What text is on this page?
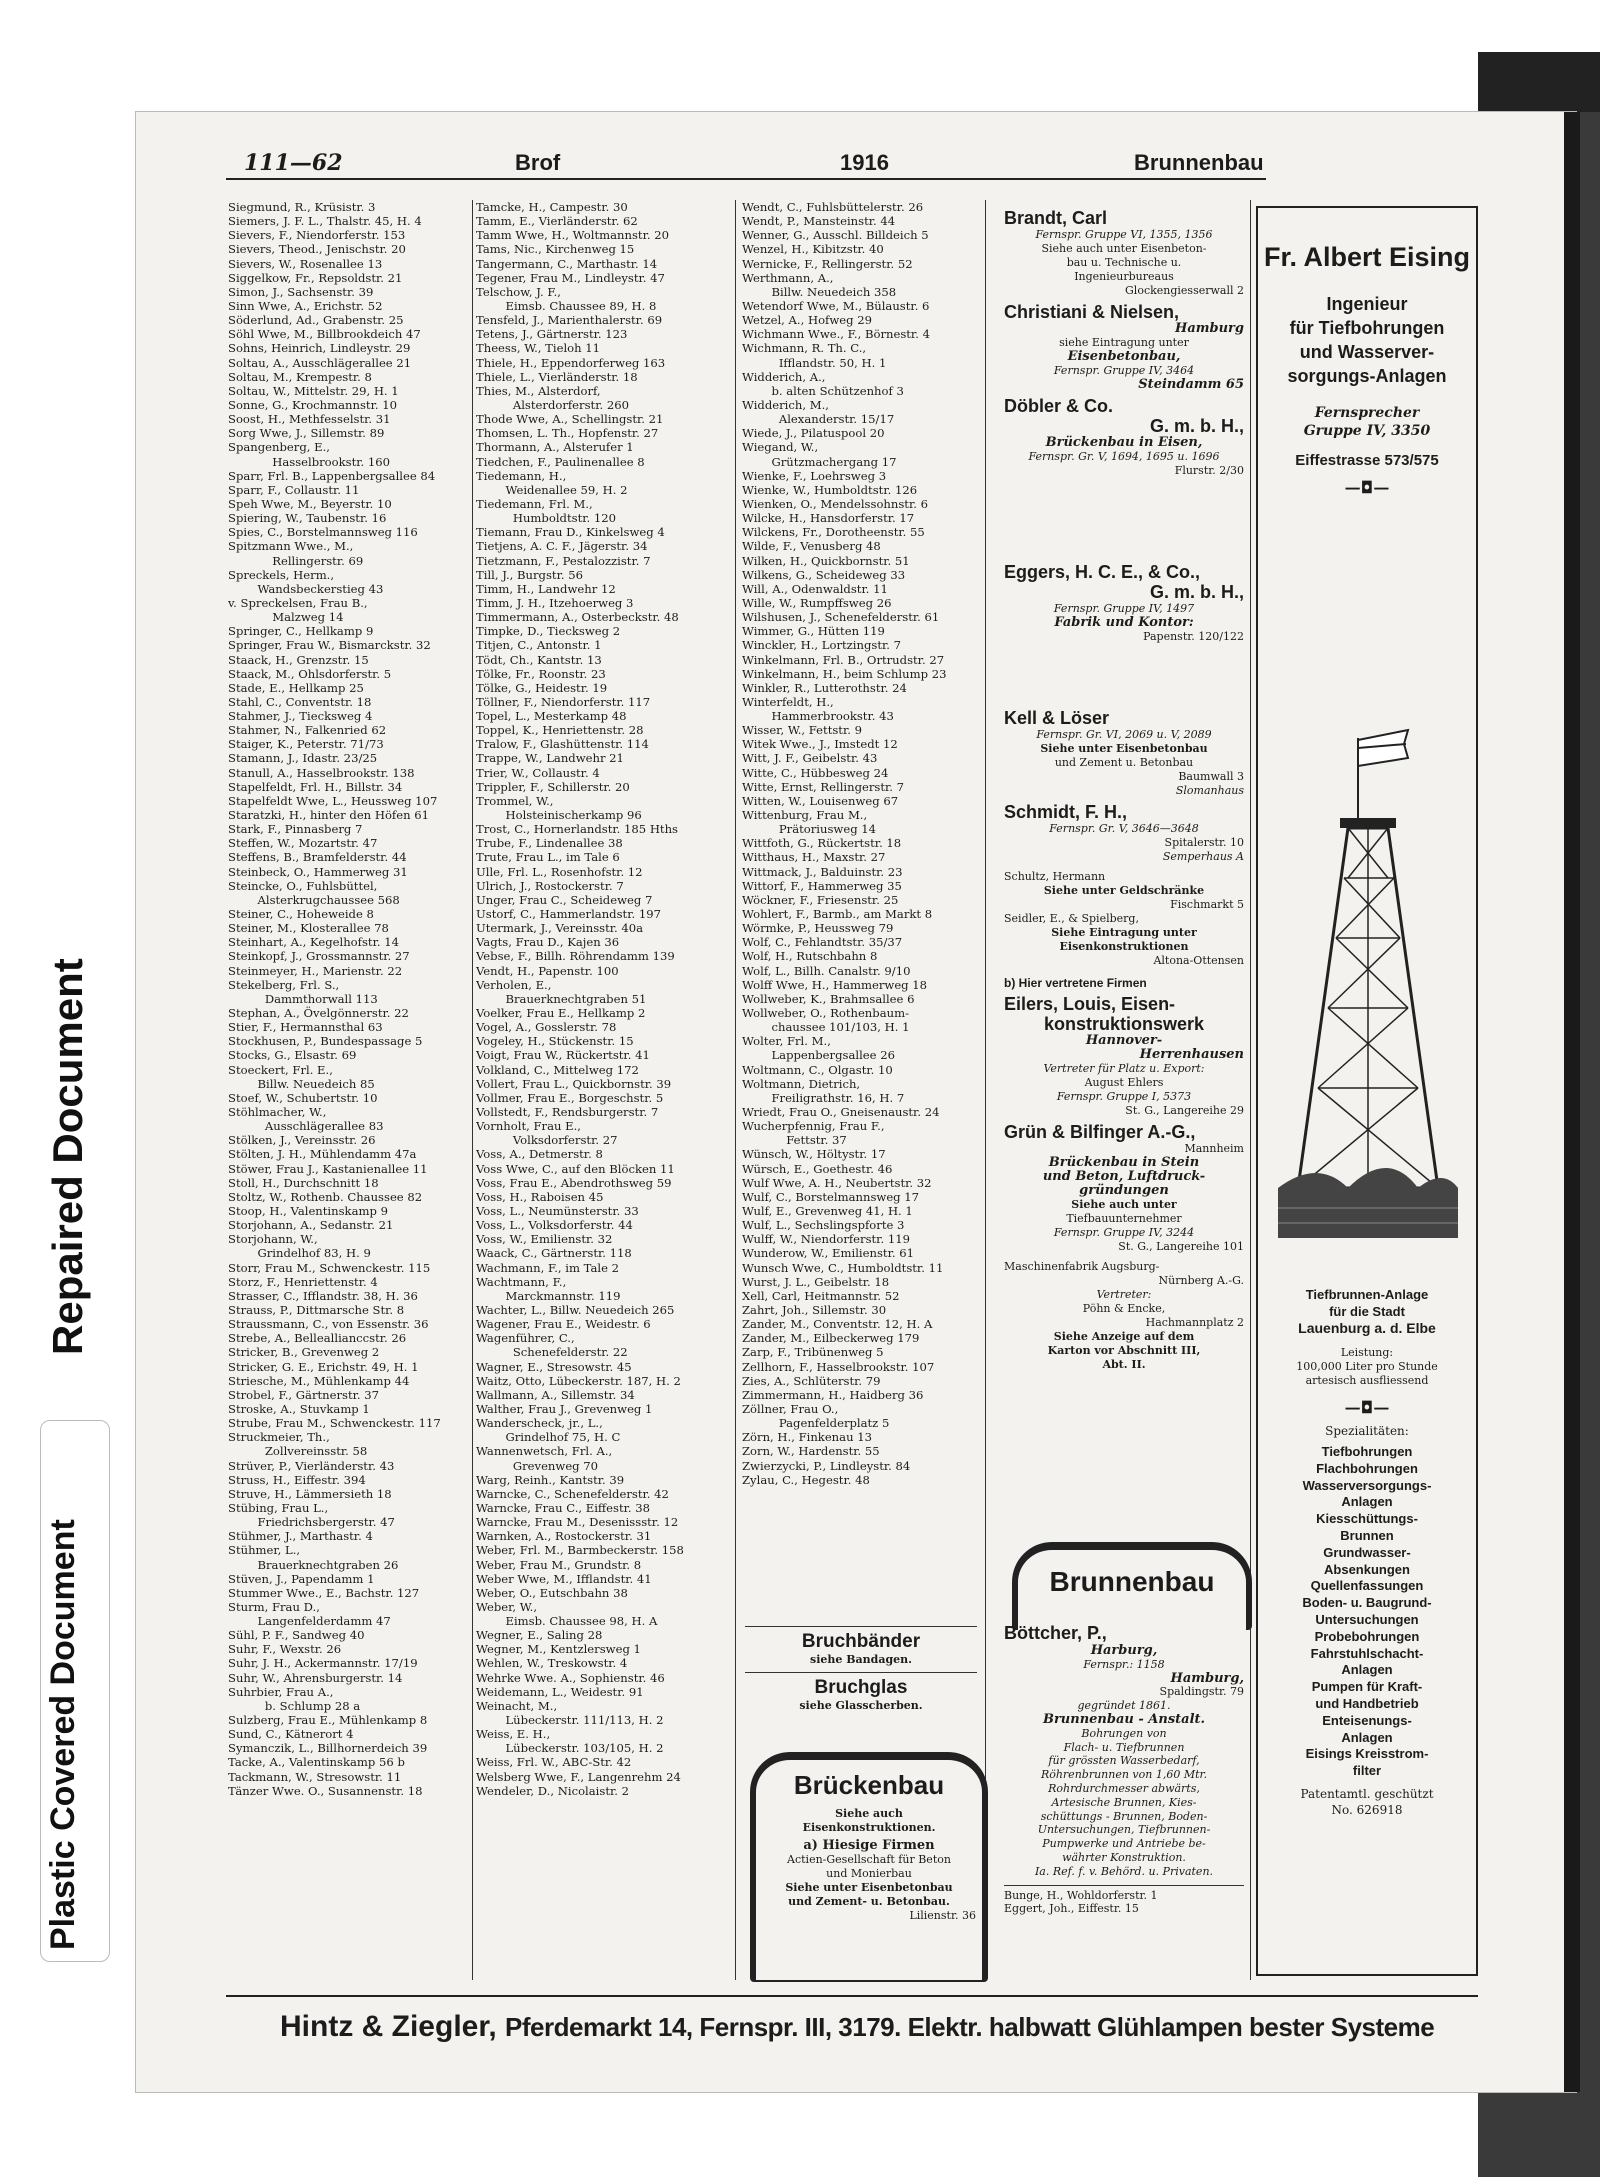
Repaired Document
Plastic Covered Document
111—62	Brof	1916	Brunnenbau
Siegmund, R., Krüsistr. 3
Siemers, J. F. L., Thalstr. 45, H. 4
Sievers, F., Niendorferstr. 153
Sievers, Theod., Jenischstr. 20
Sievers, W., Rosenallee 13
Siggelkow, Fr., Repsoldstr. 21
Simon, J., Sachsenstr. 39
Sinn Wwe, A., Erichstr. 52
Söderlund, Ad., Grabenstr. 25
Söhl Wwe, M., Billbrookdeich 47
Sohns, Heinrich, Lindleystr. 29
Soltau, A., Ausschlägerallee 21
Soltau, M., Krempestr. 8
Soltau, W., Mittelstr. 29, H. 1
Sonne, G., Krochmannstr. 10
Soost, H., Methfesselstr. 31
Sorg Wwe, J., Sillemstr. 89
Spangenberg, E.,
Hasselbrookstr. 160
Sparr, Frl. B., Lappenbergsallee 84
Sparr, F., Collaustr. 11
Speh Wwe, M., Beyerstr. 10
Spiering, W., Taubenstr. 16
Spies, C., Borstelmannsweg 116
Spitzmann Wwe., M.,
Rellingerstr. 69
Spreckels, Herm.,
Wandsbeckerstieg 43
v. Spreckelsen, Frau B.,
Malzweg 14
Springer, C., Hellkamp 9
Springer, Frau W., Bismarckstr. 32
Staack, H., Grenzstr. 15
Staack, M., Ohlsdorferstr. 5
Stade, E., Hellkamp 25
Stahl, C., Conventstr. 18
Stahmer, J., Tiecksweg 4
Stahmer, N., Falkenried 62
Staiger, K., Peterstr. 71/73
Stamann, J., Idastr. 23/25
Stanull, A., Hasselbrookstr. 138
Stapelfeldt, Frl. H., Billstr. 34
Stapelfeldt Wwe, L., Heussweg 107
Staratzki, H., hinter den Höfen 61
Stark, F., Pinnasberg 7
Steffen, W., Mozartstr. 47
Steffens, B., Bramfelderstr. 44
Steinbeck, O., Hammerweg 31
Steincke, O., Fuhlsbüttel,
Alsterkrugchaussee 568
Steiner, C., Hoheweide 8
Steiner, M., Klosterallee 78
Steinhart, A., Kegelhofstr. 14
Steinkopf, J., Grossmannstr. 27
Steinmeyer, H., Marienstr. 22
Stekelberg, Frl. S.,
Dammthorwall 113
Stephan, A., Övelgönnerstr. 22
Stier, F., Hermannsthal 63
Stockhusen, P., Bundespassage 5
Stocks, G., Elsastr. 69
Stoeckert, Frl. E.,
Billw. Neuedeich 85
Stoef, W., Schubertstr. 10
Stöhlmacher, W.,
Ausschlägerallee 83
Stölken, J., Vereinsstr. 26
Stölten, J. H., Mühlendamm 47a
Stöwer, Frau J., Kastanienallee 11
Stoll, H., Durchschnitt 18
Stoltz, W., Rothenb. Chaussee 82
Stoop, H., Valentinskamp 9
Storjohann, A., Sedanstr. 21
Storjohann, W.,
Grindelhof 83, H. 9
Storr, Frau M., Schwenckestr. 115
Storz, F., Henriettenstr. 4
Strasser, C., Ifflandstr. 38, H. 36
Strauss, P., Dittmarsche Str. 8
Straussmann, C., von Essenstr. 36
Strebe, A., Belleallianccstr. 26
Stricker, B., Grevenweg 2
Stricker, G. E., Erichstr. 49, H. 1
Striesche, M., Mühlenkamp 44
Strobel, F., Gärtnerstr. 37
Stroske, A., Stuvkamp 1
Strube, Frau M., Schwenckestr. 117
Struckmeier, Th.,
Zollvereinsstr. 58
Strüver, P., Vierländerstr. 43
Struss, H., Eiffestr. 394
Struve, H., Lämmersieth 18
Stübing, Frau L.,
Friedrichsbergerstr. 47
Stühmer, J., Marthastr. 4
Stühmer, L.,
Brauerknechtgraben 26
Stüven, J., Papendamm 1
Stummer Wwe., E., Bachstr. 127
Sturm, Frau D.,
Langenfelderdamm 47
Sühl, P. F., Sandweg 40
Suhr, F., Wexstr. 26
Suhr, J. H., Ackermannstr. 17/19
Suhr, W., Ahrensburgerstr. 14
Suhrbier, Frau A.,
b. Schlump 28 a
Sulzberg, Frau E., Mühlenkamp 8
Sund, C., Kätnerort 4
Symanczik, L., Billhornerdeich 39
Tacke, A., Valentinskamp 56 b
Tackmann, W., Stresowstr. 11
Tänzer Wwe. O., Susannenstr. 18
Tamcke, H., Campestr. 30
Tamm, E., Vierländerstr. 62
Tamm Wwe, H., Woltmannstr. 20
Tams, Nic., Kirchenweg 15
Tangermann, C., Marthastr. 14
Tegener, Frau M., Lindleystr. 47
Telschow, J. F.,
Eimsb. Chaussee 89, H. 8
Tensfeld, J., Marienthalerstr. 69
Tetens, J., Gärtnerstr. 123
Theess, W., Tieloh 11
Thiele, H., Eppendorferweg 163
Thiele, L., Vierländerstr. 18
Thies, M., Alsterdorf,
Alsterdorferstr. 260
Thode Wwe, A., Schellingstr. 21
Thomsen, L. Th., Hopfenstr. 27
Thormann, A., Alsterufer 1
Tiedchen, F., Paulinenallee 8
Tiedemann, H.,
Weidenallee 59, H. 2
Tiedemann, Frl. M.,
Humboldtstr. 120
Tiemann, Frau D., Kinkelsweg 4
Tietjens, A. C. F., Jägerstr. 34
Tietzmann, F., Pestalozzistr. 7
Till, J., Burgstr. 56
Timm, H., Landwehr 12
Timm, J. H., Itzehoerweg 3
Timmermann, A., Osterbeckstr. 48
Timpke, D., Tiecksweg 2
Titjen, C., Antonstr. 1
Tödt, Ch., Kantstr. 13
Tölke, Fr., Roonstr. 23
Tölke, G., Heidestr. 19
Töllner, F., Niendorferstr. 117
Topel, L., Mesterkamp 48
Toppel, K., Henriettenstr. 28
Tralow, F., Glashüttenstr. 114
Trappe, W., Landwehr 21
Trier, W., Collaustr. 4
Trippler, F., Schillerstr. 20
Trommel, W.,
Holsteinischerkamp 96
Trost, C., Hornerlandstr. 185 Hths
Trube, F., Lindenallee 38
Trute, Frau L., im Tale 6
Ulle, Frl. L., Rosenhofstr. 12
Ulrich, J., Rostockerstr. 7
Unger, Frau C., Scheideweg 7
Ustorf, C., Hammerlandstr. 197
Utermark, J., Vereinsstr. 40a
Vagts, Frau D., Kajen 36
Vebse, F., Billh. Röhrendamm 139
Vendt, H., Papenstr. 100
Verholen, E.,
Brauerknechtgraben 51
Voelker, Frau E., Hellkamp 2
Vogel, A., Gosslerstr. 78
Vogeley, H., Stückenstr. 15
Voigt, Frau W., Rückertstr. 41
Volkland, C., Mittelweg 172
Vollert, Frau L., Quickbornstr. 39
Vollmer, Frau E., Borgeschstr. 5
Vollstedt, F., Rendsburgerstr. 7
Vornholt, Frau E.,
Volksdorferstr. 27
Voss, A., Detmerstr. 8
Voss Wwe, C., auf den Blöcken 11
Voss, Frau E., Abendrothsweg 59
Voss, H., Raboisen 45
Voss, L., Neumünsterstr. 33
Voss, L., Volksdorferstr. 44
Voss, W., Emilienstr. 32
Waack, C., Gärtnerstr. 118
Wachmann, F., im Tale 2
Wachtmann, F.,
Marckmannstr. 119
Wachter, L., Billw. Neuedeich 265
Wagener, Frau E., Weidestr. 6
Wagenführer, C.,
Schenefelderstr. 22
Wagner, E., Stresowstr. 45
Waitz, Otto, Lübeckerstr. 187, H. 2
Wallmann, A., Sillemstr. 34
Walther, Frau J., Grevenweg 1
Wanderscheck, jr., L.,
Grindelhof 75, H. C
Wannenwetsch, Frl. A.,
Grevenweg 70
Warg, Reinh., Kantstr. 39
Warncke, C., Schenefelderstr. 42
Warncke, Frau C., Eiffestr. 38
Warncke, Frau M., Desenissstr. 12
Warnken, A., Rostockerstr. 31
Weber, Frl. M., Barmbeckerstr. 158
Weber, Frau M., Grundstr. 8
Weber Wwe, M., Ifflandstr. 41
Weber, O., Eutschbahn 38
Weber, W.,
Eimsb. Chaussee 98, H. A
Wegner, E., Saling 28
Wegner, M., Kentzlersweg 1
Wehlen, W., Treskowstr. 4
Wehrke Wwe. A., Sophienstr. 46
Weidemann, L., Weidestr. 91
Weinacht, M.,
Lübeckerstr. 111/113, H. 2
Weiss, E. H.,
Lübeckerstr. 103/105, H. 2
Weiss, Frl. W., ABC-Str. 42
Welsberg Wwe, F., Langenrehm 24
Wendeler, D., Nicolaistr. 2
Wendt, C., Fuhlsbüttelerstr. 26
Wendt, P., Mansteinstr. 44
Wenner, G., Ausschl. Billdeich 5
Wenzel, H., Kibitzstr. 40
Wernicke, F., Rellingerstr. 52
Werthmann, A.,
Billw. Neuedeich 358
Wetendorf Wwe, M., Bülaustr. 6
Wetzel, A., Hofweg 29
Wichmann Wwe., F., Börnestr. 4
Wichmann, R. Th. C.,
Ifflandstr. 50, H. 1
Widderich, A.,
b. alten Schützenhof 3
Widderich, M.,
Alexanderstr. 15/17
Wiede, J., Pilatuspool 20
Wiegand, W.,
Grützmachergang 17
Wienke, F., Loehrsweg 3
Wienke, W., Humboldtstr. 126
Wienken, O., Mendelssohnstr. 6
Wilcke, H., Hansdorferstr. 17
Wilckens, Fr., Dorotheenstr. 55
Wilde, F., Venusberg 48
Wilken, H., Quickbornstr. 51
Wilkens, G., Scheideweg 33
Will, A., Odenwaldstr. 11
Wille, W., Rumpffsweg 26
Wilshusen, J., Schenefelderstr. 61
Wimmer, G., Hütten 119
Winckler, H., Lortzingstr. 7
Winkelmann, Frl. B., Ortrudstr. 27
Winkelmann, H., beim Schlump 23
Winkler, R., Lutterothstr. 24
Winterfeldt, H.,
Hammerbrookstr. 43
Wisser, W., Fettstr. 9
Witek Wwe., J., Imstedt 12
Witt, J. F., Geibelstr. 43
Witte, C., Hübbesweg 24
Witte, Ernst, Rellingerstr. 7
Witten, W., Louisenweg 67
Wittenburg, Frau M.,
Prätoriusweg 14
Wittfoth, G., Rückertstr. 18
Witthaus, H., Maxstr. 27
Wittmack, J., Balduinstr. 23
Wittorf, F., Hammerweg 35
Wöckner, F., Friesenstr. 25
Wohlert, F., Barmb., am Markt 8
Wörmke, P., Heussweg 79
Wolf, C., Fehlandtstr. 35/37
Wolf, H., Rutschbahn 8
Wolf, L., Billh. Canalstr. 9/10
Wolff Wwe, H., Hammerweg 18
Wollweber, K., Brahmsallee 6
Wollweber, O., Rothenbaum-
chaussee 101/103, H. 1
Wolter, Frl. M.,
Lappenbergsallee 26
Woltmann, C., Olgastr. 10
Woltmann, Dietrich,
Freiligrathstr. 16, H. 7
Wriedt, Frau O., Gneisenaustr. 24
Wucherpfennig, Frau F.,
Fettstr. 37
Wünsch, W., Höltystr. 17
Würsch, E., Goethestr. 46
Wulf Wwe, A. H., Neubertstr. 32
Wulf, C., Borstelmannsweg 17
Wulf, E., Grevenweg 41, H. 1
Wulf, L., Sechslingspforte 3
Wulff, W., Niendorferstr. 119
Wunderow, W., Emilienstr. 61
Wunsch Wwe, C., Humboldtstr. 11
Wurst, J. L., Geibelstr. 18
Xell, Carl, Heitmannstr. 52
Zahrt, Joh., Sillemstr. 30
Zander, M., Conventstr. 12, H. A
Zander, M., Eilbeckerweg 179
Zarp, F., Tribünenweg 5
Zellhorn, F., Hasselbrookstr. 107
Zies, A., Schlüterstr. 79
Zimmermann, H., Haidberg 36
Zöllner, Frau O.,
Pagenfelderplatz 5
Zörn, H., Finkenau 13
Zorn, W., Hardenstr. 55
Zwierzycki, P., Lindleystr. 84
Zylau, C., Hegestr. 48
Bruchbänder
siehe Bandagen.
Bruchglas
siehe Glasscherben.
Brückenbau
Siehe auch
Eisenkonstruktionen.
a) Hiesige Firmen
Actien-Gesellschaft für Beton
und Monierbau
Siehe unter Eisenbetonbau
und Zement- u. Betonbau.
Lilienstr. 36
Brandt, Carl
Fernspr. Gruppe VI, 1355, 1356
Siehe auch unter Eisenbeton-
bau u. Technische u.
Ingenieurbureaus
Glockengiesserwall 2
Christiani & Nielsen,
Hamburg
siehe Eintragung unter
Eisenbetonbau,
Fernspr. Gruppe IV, 3464
Steindamm 65
Döbler & Co.
G. m. b. H.,
Brückenbau in Eisen,
Fernspr. Gr. V, 1694, 1695 u. 1696
Flurstr. 2/30
Eggers, H. C. E., & Co.,
G. m. b. H.,
Fernspr. Gruppe IV, 1497
Fabrik und Kontor:
Papenstr. 120/122
Kell & Löser
Fernspr. Gr. VI, 2069 u. V, 2089
Siehe unter Eisenbetonbau
und Zement u. Betonbau
Baumwall 3
Slomanhaus
Schmidt, F. H.,
Fernspr. Gr. V, 3646—3648
Spitalerstr. 10
Semperhaus A
Schultz, Hermann
Siehe unter Geldschränke
Fischmarkt 5
Seidler, E., & Spielberg,
Siehe Eintragung unter
Eisenkonstruktionen
Altona-Ottensen
b) Hier vertretene Firmen
Eilers, Louis, Eisen-
konstruktionswerk
Hannover-
Herrenhausen
Vertreter für Platz u. Export:
August Ehlers
Fernspr. Gruppe I, 5373
St. G., Langereihe 29
Grün & Bilfinger A.-G.,
Mannheim
Brückenbau in Stein
und Beton, Luftdruck-
gründungen
Siehe auch unter
Tiefbauunternehmer
Fernspr. Gruppe IV, 3244
St. G., Langereihe 101
Maschinenfabrik Augsburg-
Nürnberg A.-G.
Vertreter:
Pöhn & Encke,
Hachmannplatz 2
Siehe Anzeige auf dem
Karton vor Abschnitt III,
Abt. II.
Brunnenbau
Böttcher, P.,
Harburg,
Fernspr.: 1158
Hamburg,
Spaldingstr. 79
gegründet 1861.
Brunnenbau - Anstalt.
Bohrungen von
Flach- u. Tiefbrunnen
für grössten Wasserbedarf,
Röhrenbrunnen von 1,60 Mtr.
Rohrdurchmesser abwärts,
Artesische Brunnen, Kies-
schüttungs - Brunnen, Boden-
Untersuchungen, Tiefbrunnen-
Pumpwerke und Antriebe be-
währter Konstruktion.
Ia. Ref. f. v. Behörd. u. Privaten.
Bunge, H., Wohldorferstr. 1
Eggert, Joh., Eiffestr. 15
Fr. Albert Eising
Ingenieur
für Tiefbohrungen
und Wasserver-
sorgungs-Anlagen
Fernsprecher
Gruppe IV, 3350
Eiffestrasse 573/575
—◘—
Tiefbrunnen-Anlage
für die Stadt
Lauenburg a. d. Elbe
Leistung:
100,000 Liter pro Stunde
artesisch ausfliessend
—◘—
Spezialitäten:
Tiefbohrungen
Flachbohrungen
Wasserversorgungs-
Anlagen
Kiesschüttungs-
Brunnen
Grundwasser-
Absenkungen
Quellenfassungen
Boden- u. Baugrund-
Untersuchungen
Probebohrungen
Fahrstuhlschacht-
Anlagen
Pumpen für Kraft-
und Handbetrieb
Enteisenungs-
Anlagen
Eisings Kreisstrom-
filter
Patentamtl. geschützt
No. 626918
Hintz & Ziegler, Pferdemarkt 14, Fernspr. III, 3179. Elektr. halbwatt Glühlampen bester Systeme
